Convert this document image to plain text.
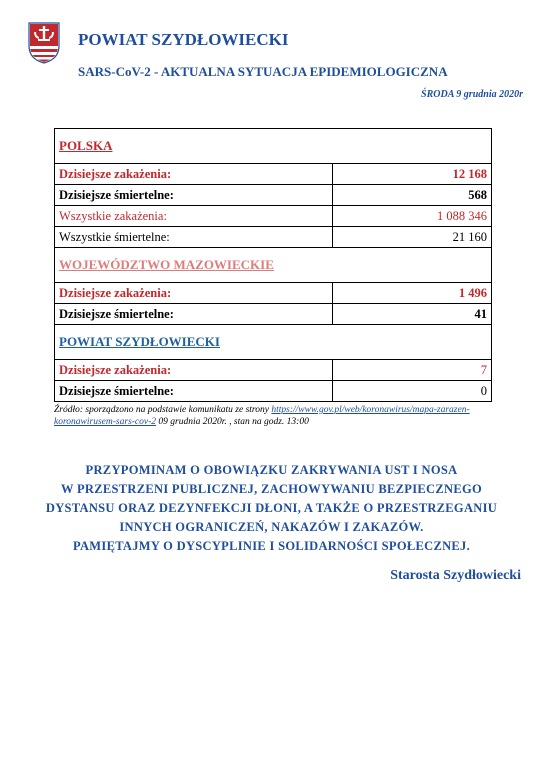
POWIAT SZYDŁOWIECKI
SARS-CoV-2 - AKTUALNA SYTUACJA EPIDEMIOLOGICZNA
ŚRODA 9 grudnia 2020r
POLSKA	
Dzisiejsze zakażenia:	12 168
Dzisiejsze śmiertelne:	568
Wszystkie zakażenia:	1 088 346
Wszystkie śmiertelne:	21 160
WOJEWÓDZTWO MAZOWIECKIE	
Dzisiejsze zakażenia:	1 496
Dzisiejsze śmiertelne:	41
POWIAT SZYDŁOWIECKI	
Dzisiejsze zakażenia:	7
Dzisiejsze śmiertelne:	0
Źródło: sporządzono na podstawie komunikatu ze strony https://www.gov.pl/web/koronawirus/mapa-zarazen-koronawirusem-sars-cov-2 09 grudnia 2020r. , stan na godz. 13:00
PRZYPOMINAM O OBOWIĄZKU ZAKRYWANIA UST I NOSA
W PRZESTRZENI PUBLICZNEJ, ZACHOWYWANIU BEZPIECZNEGO
DYSTANSU ORAZ DEZYNFEKCJI DŁONI, A TAKŻE O PRZESTRZEGANIU
INNYCH OGRANICZEŃ, NAKAZÓW I ZAKAZÓW.
PAMIĘTAJMY O DYSCYPLINIE I SOLIDARNOŚCI SPOŁECZNEJ.
Starosta Szydłowiecki
